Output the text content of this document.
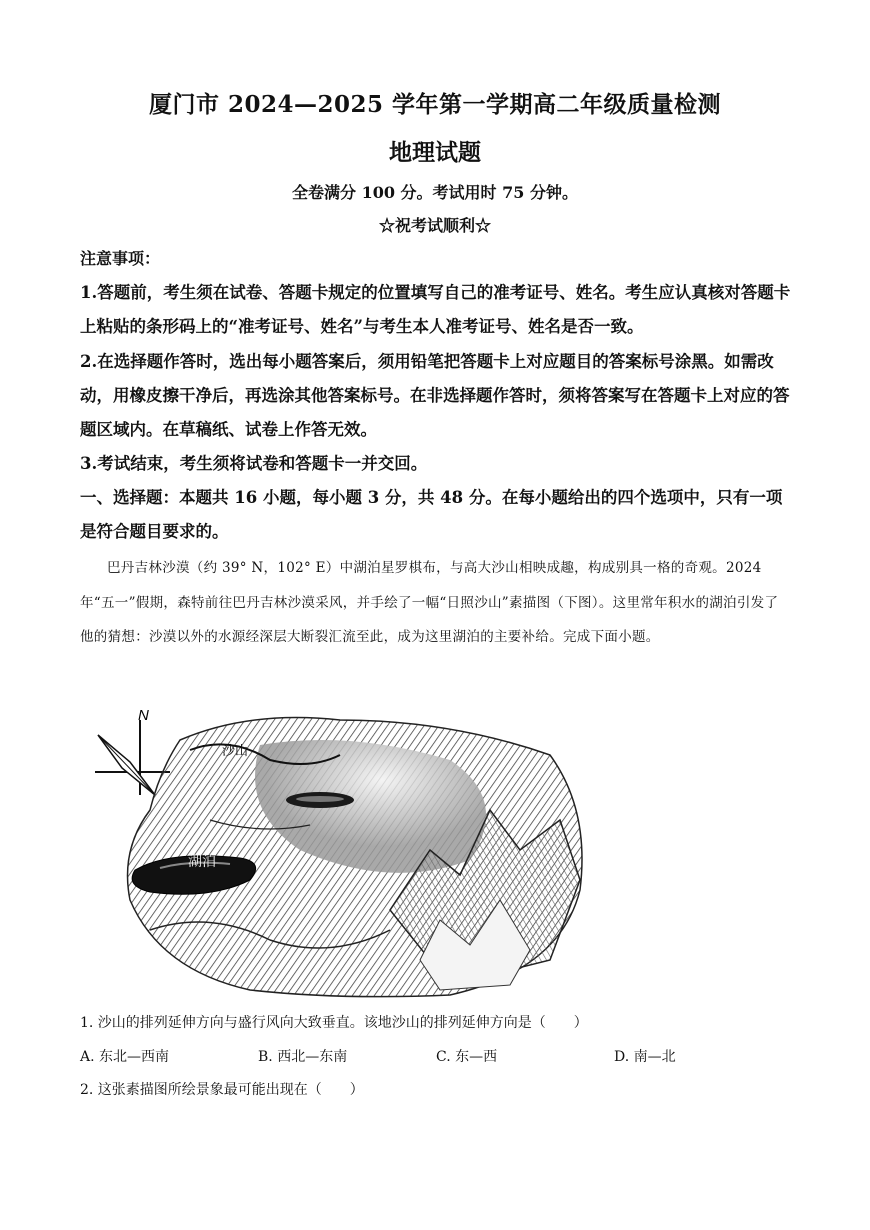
厦门市 2024—2025 学年第一学期高二年级质量检测
地理试题
全卷满分 100 分。考试用时 75 分钟。
☆祝考试顺利☆
注意事项：

1.答题前，考生须在试卷、答题卡规定的位置填写自己的准考证号、姓名。考生应认真核对答题卡上粘贴的条形码上的“准考证号、姓名”与考生本人准考证号、姓名是否一致。

2.在选择题作答时，选出每小题答案后，须用铅笔把答题卡上对应题目的答案标号涂黑。如需改动，用橡皮擦干净后，再选涂其他答案标号。在非选择题作答时，须将答案写在答题卡上对应的答题区域内。在草稿纸、试卷上作答无效。

3.考试结束，考生须将试卷和答题卡一并交回。

一、选择题：本题共 16 小题，每小题 3 分，共 48 分。在每小题给出的四个选项中，只有一项是符合题目要求的。

巴丹吉林沙漠（约 39° N，102° E）中湖泊星罗棋布，与高大沙山相映成趣，构成别具一格的奇观。2024 年“五一”假期，森特前往巴丹吉林沙漠采风，并手绘了一幅“日照沙山”素描图（下图）。这里常年积水的湖泊引发了他的猜想：沙漠以外的水源经深层大断裂汇流至此，成为这里湖泊的主要补给。完成下面小题。

N
沙山
湖泊

1. 沙山的排列延伸方向与盛行风向大致垂直。该地沙山的排列延伸方向是（　　）

A. 东北—西南	B. 西北—东南	C. 东—西	D. 南—北

2. 这张素描图所绘景象最可能出现在（　　）
